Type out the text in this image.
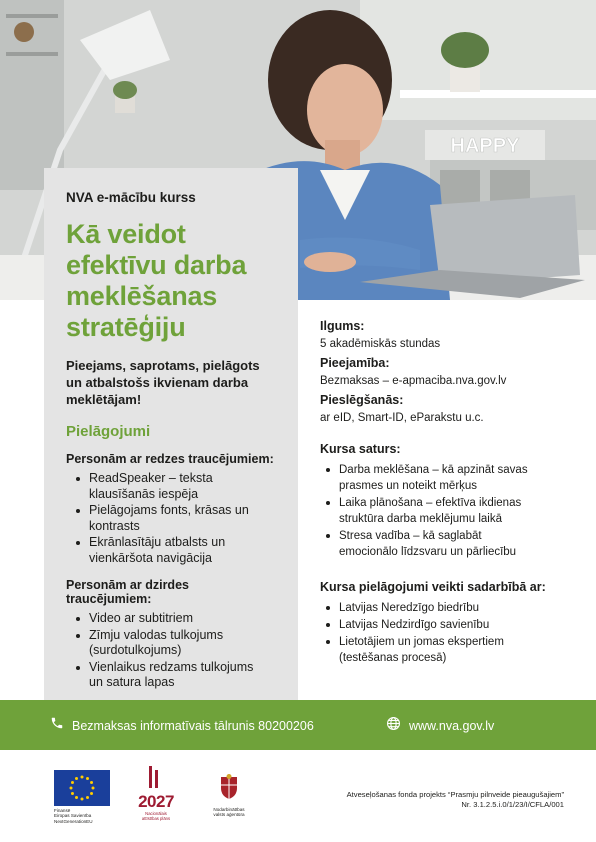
HAPPY
NVA e-mācību kurss
Kā veidot
efektīvu darba
meklēšanas
stratēģiju
Pieejams, saprotams, pielāgots
un atbalstošs ikvienam darba
meklētājam!
Pielāgojumi
Personām ar redzes traucējumiem:
ReadSpeaker – teksta
klausīšanās iespēja
Pielāgojams fonts, krāsas un
kontrasts
Ekrānlasītāju atbalsts un
vienkāršota navigācija
Personām ar dzirdes traucējumiem:
Video ar subtitriem
Zīmju valodas tulkojums
(surdotulkojums)
Vienlaikus redzams tulkojums
un satura lapas
Ilgums:
5 akadēmiskās stundas
Pieejamība:
Bezmaksas – e-apmaciba.nva.gov.lv
Pieslēgšanās:
ar eID, Smart-ID, eParakstu u.c.
Kursa saturs:
Darba meklēšana – kā apzināt savas
prasmes un noteikt mērķus
Laika plānošana – efektīva ikdienas
struktūra darba meklējumu laikā
Stresa vadība – kā saglabāt
emocionālo līdzsvaru un pārliecību
Kursa pielāgojumi veikti sadarbībā ar:
Latvijas Neredzīgo biedrību
Latvijas Nedzirdīgo savienību
Lietotājiem un jomas ekspertiem
(testēšanas procesā)
Bezmaksas informatīvais tālrunis 80200206	www.nva.gov.lv
Finansē
Eiropas Savienība
NextGenerationEU
2027
Nacionālais
attīstības plāns
Nodarbinātības
valsts aģentūra
Atveseļošanas fonda projekts “Prasmju pilnveide pieaugušajiem”
Nr. 3.1.2.5.i.0/1/23/I/CFLA/001
